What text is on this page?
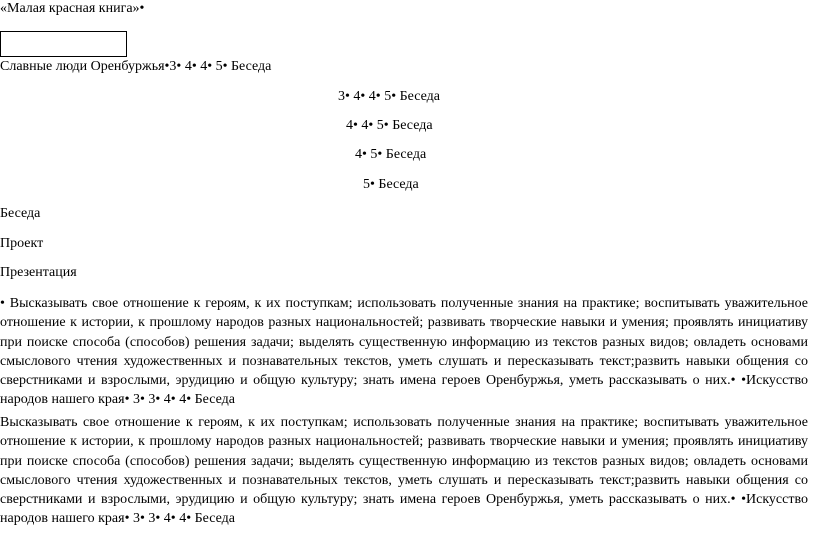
«Малая красная книга»•
Славные люди Оренбуржья•3• 4• 4• 5• Беседа
3• 4• 4• 5• Беседа
4• 4• 5• Беседа
4• 5• Беседа
5• Беседа
Беседа
Проект
Презентация
• Высказывать свое отношение к героям, к их поступкам; использовать полученные знания на практике; воспитывать уважительное отношение к истории, к прошлому народов разных национальностей; развивать творческие навыки и умения; проявлять инициативу при поиске способа (способов) решения задачи; выделять существенную информацию из текстов разных видов; овладеть основами смыслового чтения художественных и познавательных текстов, уметь слушать и пересказывать текст;развить навыки общения со сверстниками и взрослыми, эрудицию и общую культуру; знать имена героев Оренбуржья, уметь рассказывать о них.• •Искусство народов нашего края• 3• 3• 4• 4• Беседа
Высказывать свое отношение к героям, к их поступкам; использовать полученные знания на практике; воспитывать уважительное отношение к истории, к прошлому народов разных национальностей; развивать творческие навыки и умения; проявлять инициативу при поиске способа (способов) решения задачи; выделять существенную информацию из текстов разных видов; овладеть основами смыслового чтения художественных и познавательных текстов, уметь слушать и пересказывать текст;развить навыки общения со сверстниками и взрослыми, эрудицию и общую культуру; знать имена героев Оренбуржья, уметь рассказывать о них.• •Искусство народов нашего края• 3• 3• 4• 4• Беседа
